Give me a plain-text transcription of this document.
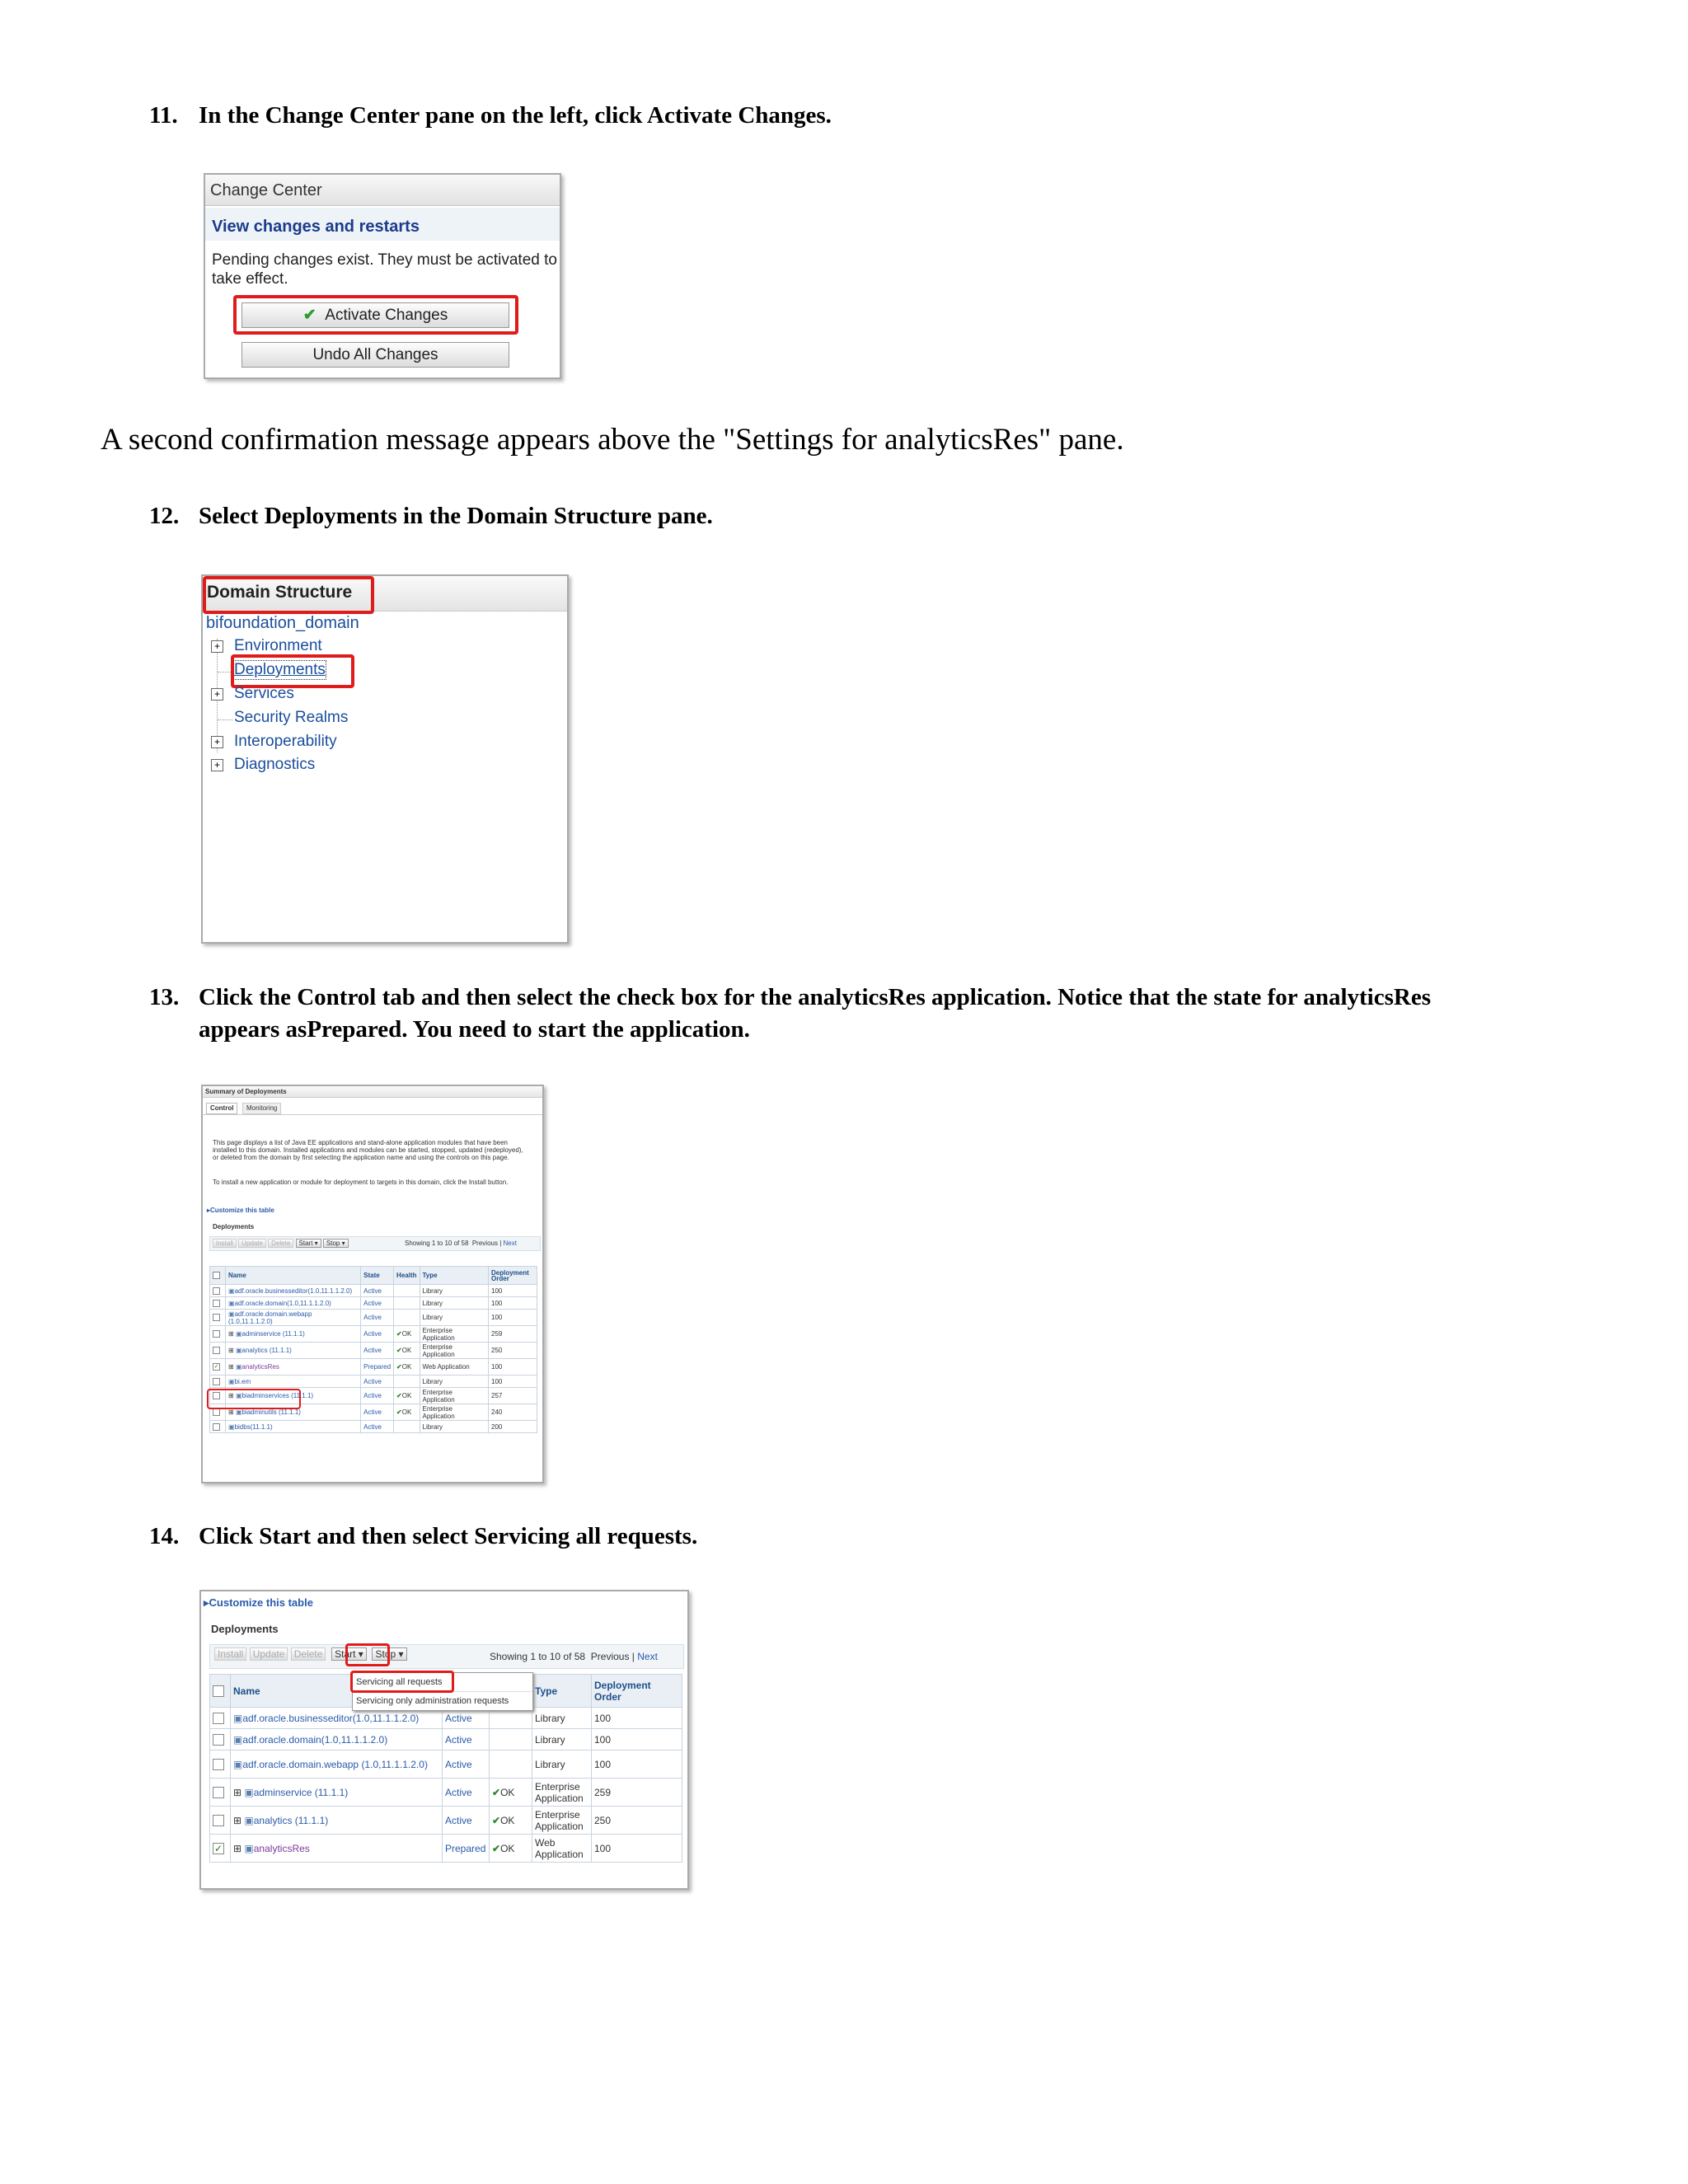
11. In the Change Center pane on the left, click Activate Changes.
Change Center
View changes and restarts
Pending changes exist. They must be activated to take effect.
✔ Activate Changes
Undo All Changes
A second confirmation message appears above the "Settings for analyticsRes" pane.
12. Select Deployments in the Domain Structure pane.
Domain Structure
bifoundation_domain
+ Environment
Deployments
+ Services
Security Realms
+ Interoperability
+ Diagnostics
13. Click the Control tab and then select the check box for the analyticsRes application. Notice that the state for analyticsRes appears asPrepared. You need to start the application.
Summary of Deployments
Control	Monitoring
This page displays a list of Java EE applications and stand-alone application modules that have been installed to this domain. Installed applications and modules can be started, stopped, updated (redeployed), or deleted from the domain by first selecting the application name and using the controls on this page.
To install a new application or module for deployment to targets in this domain, click the Install button.
▸Customize this table
Deployments
Install Update Delete Start ▾ Stop ▾	Showing 1 to 10 of 58 Previous | Next
	Name	State	Health	Type	Deployment Order
	▣adf.oracle.businesseditor(1.0,11.1.1.2.0)	Active		Library	100
	▣adf.oracle.domain(1.0,11.1.1.2.0)	Active		Library	100
	▣adf.oracle.domain.webapp (1.0,11.1.1.2.0)	Active		Library	100
	⊞ ▣adminservice (11.1.1)	Active	✔OK	Enterprise Application	259
	⊞ ▣analytics (11.1.1)	Active	✔OK	Enterprise Application	250
✓	⊞ ▣analyticsRes	Prepared	✔OK	Web Application	100
	▣bi.em	Active		Library	100
	⊞ ▣biadminservices (11.1.1)	Active	✔OK	Enterprise Application	257
	⊞ ▣biadminutils (11.1.1)	Active	✔OK	Enterprise Application	240
	▣bidbs(11.1.1)	Active		Library	200
14. Click Start and then select Servicing all requests.
▸Customize this table
Deployments
Install Update Delete Start ▾ Stop ▾	Showing 1 to 10 of 58 Previous | Next
	Name			Type	Deployment Order
	▣adf.oracle.businesseditor(1.0,11.1.1.2.0)	Active		Library	100
	▣adf.oracle.domain(1.0,11.1.1.2.0)	Active		Library	100
	▣adf.oracle.domain.webapp (1.0,11.1.1.2.0)	Active		Library	100
	⊞ ▣adminservice (11.1.1)	Active	✔OK	Enterprise Application	259
	⊞ ▣analytics (11.1.1)	Active	✔OK	Enterprise Application	250
✓	⊞ ▣analyticsRes	Prepared	✔OK	Web Application	100
Servicing all requests
Servicing only administration requests
